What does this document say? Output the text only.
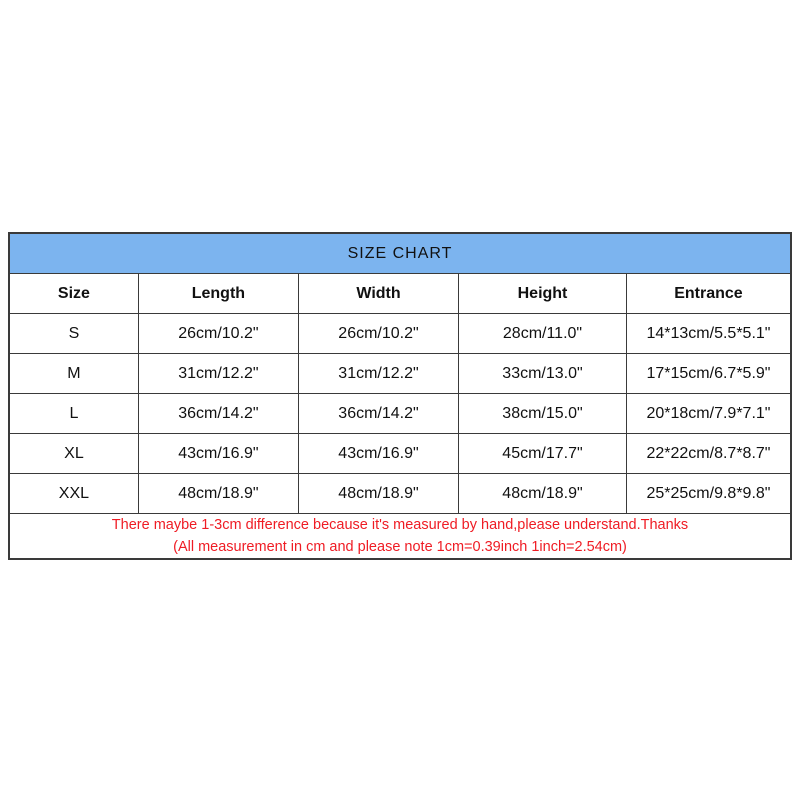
SIZE CHART				
Size	Length	Width	Height	Entrance
S	26cm/10.2"	26cm/10.2"	28cm/11.0"	14*13cm/5.5*5.1"
M	31cm/12.2"	31cm/12.2"	33cm/13.0"	17*15cm/6.7*5.9"
L	36cm/14.2"	36cm/14.2"	38cm/15.0"	20*18cm/7.9*7.1"
XL	43cm/16.9"	43cm/16.9"	45cm/17.7"	22*22cm/8.7*8.7"
XXL	48cm/18.9"	48cm/18.9"	48cm/18.9"	25*25cm/9.8*9.8"

There maybe 1-3cm difference because it's measured by hand,please understand.Thanks
(All measurement in cm and please note 1cm=0.39inch 1inch=2.54cm)				
